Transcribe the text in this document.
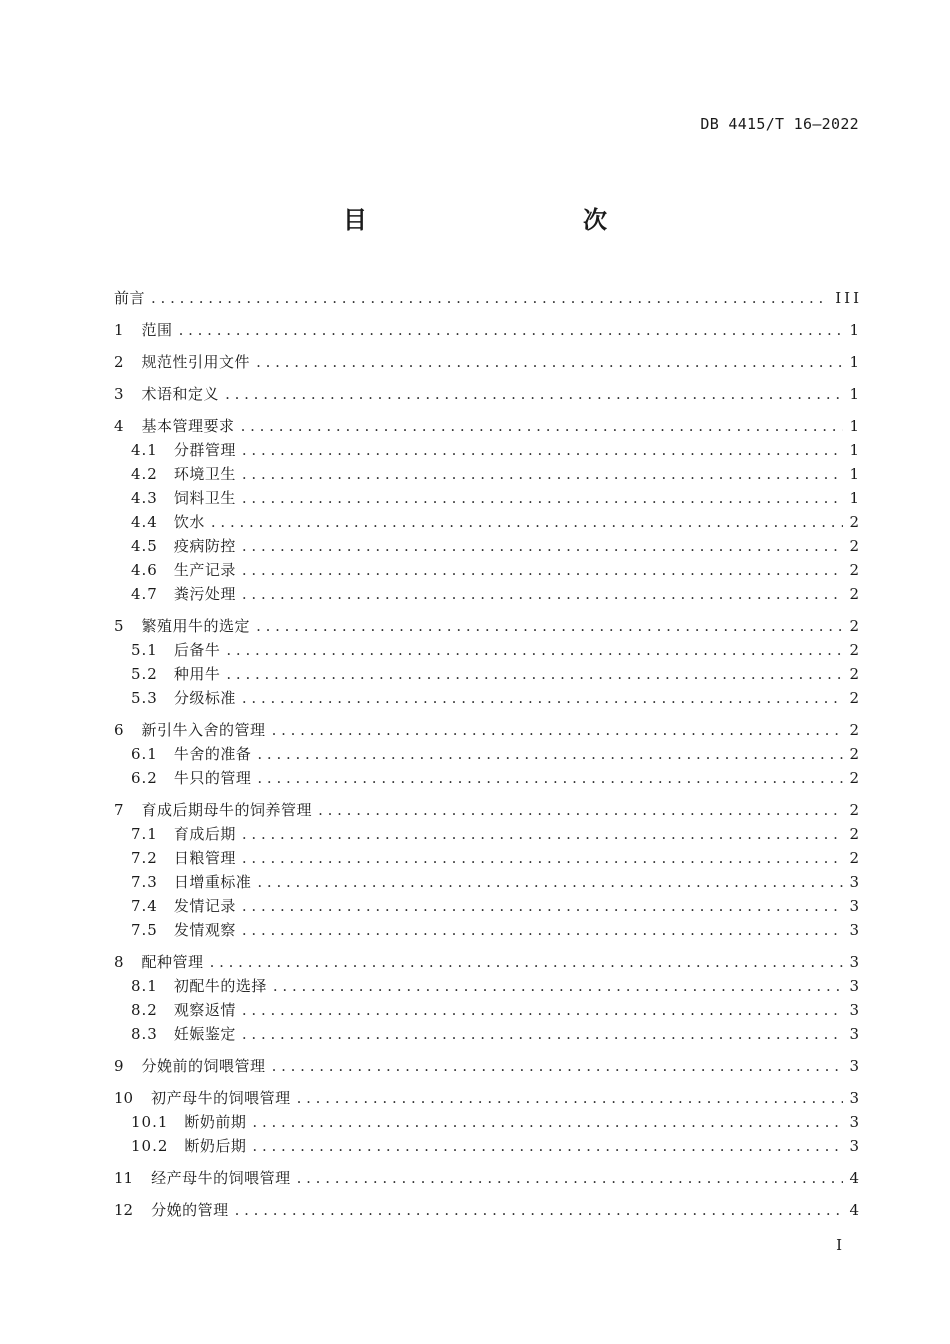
DB 4415/T 16—2022
目　　次
前言 . . .	III
1 范围 . . .	1
2 规范性引用文件 . . .	1
3 术语和定义 . . .	1
4 基本管理要求 . . .	1
4.1 分群管理 . . .	1
4.2 环境卫生 . . .	1
4.3 饲料卫生 . . .	1
4.4 饮水 . . .	2
4.5 疫病防控 . . .	2
4.6 生产记录 . . .	2
4.7 粪污处理 . . .	2
5 繁殖用牛的选定 . . .	2
5.1 后备牛 . . .	2
5.2 种用牛 . . .	2
5.3 分级标准 . . .	2
6 新引牛入舍的管理 . . .	2
6.1 牛舍的准备 . . .	2
6.2 牛只的管理 . . .	2
7 育成后期母牛的饲养管理 . . .	2
7.1 育成后期 . . .	2
7.2 日粮管理 . . .	2
7.3 日增重标准 . . .	3
7.4 发情记录 . . .	3
7.5 发情观察 . . .	3
8 配种管理 . . .	3
8.1 初配牛的选择 . . .	3
8.2 观察返情 . . .	3
8.3 妊娠鉴定 . . .	3
9 分娩前的饲喂管理 . . .	3
10 初产母牛的饲喂管理 . . .	3
10.1 断奶前期 . . .	3
10.2 断奶后期 . . .	3
11 经产母牛的饲喂管理 . . .	4
12 分娩的管理 . . .	4
I
